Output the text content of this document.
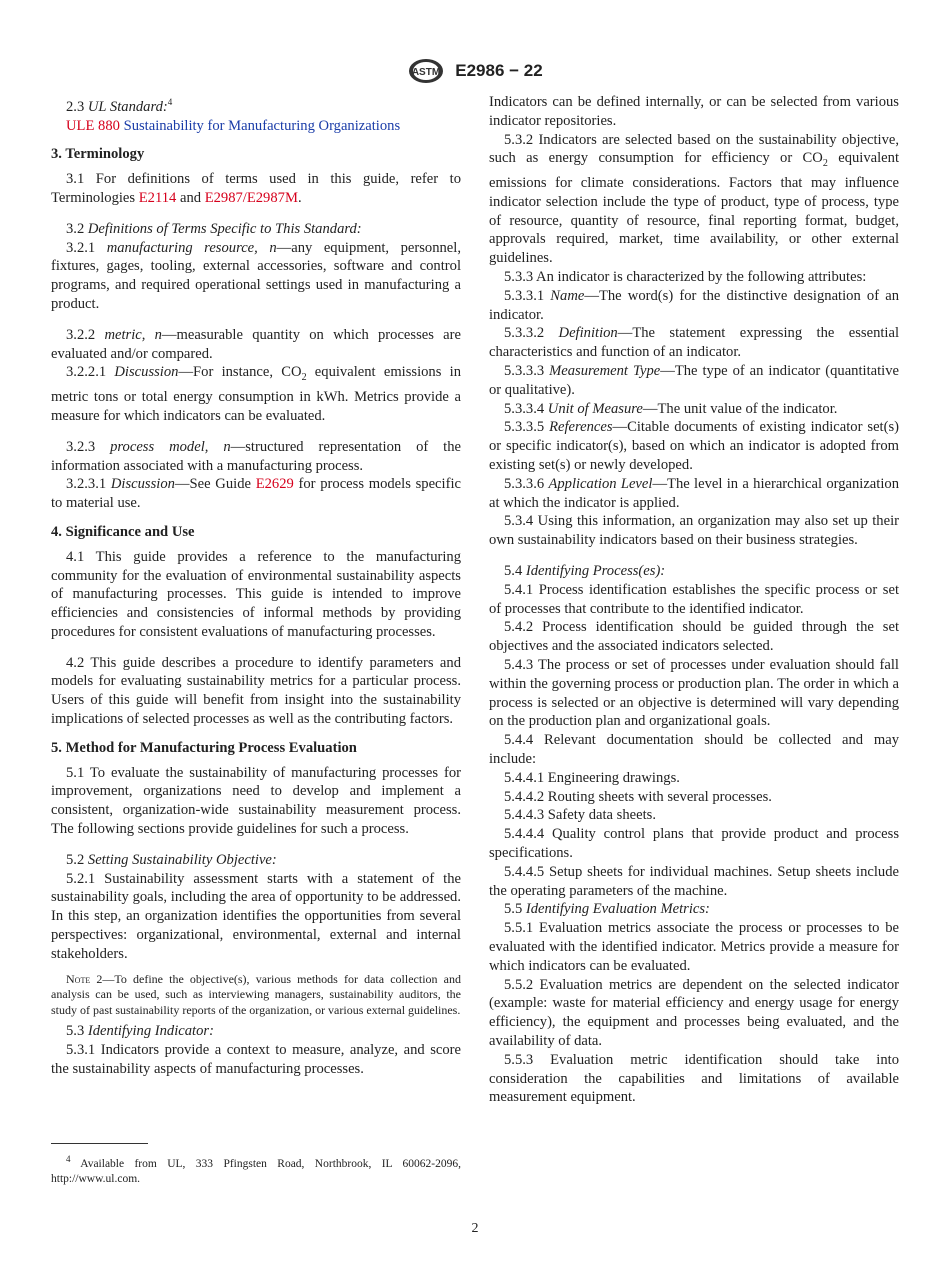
ASTM E2986 − 22

2.3 UL Standard:$^4$

ULE 880 Sustainability for Manufacturing Organizations

3. Terminology

3.1 For definitions of terms used in this guide, refer to Terminologies E2114 and E2987/E2987M.

3.2 Definitions of Terms Specific to This Standard:

3.2.1 manufacturing resource, n—any equipment, personnel, fixtures, gages, tooling, external accessories, software and control programs, and required operational settings used in manufacturing a product.

3.2.2 metric, n—measurable quantity on which processes are evaluated and/or compared.

3.2.2.1 Discussion—For instance, $CO_2$ equivalent emissions in metric tons or total energy consumption in kWh. Metrics provide a measure for which indicators can be evaluated.

3.2.3 process model, n—structured representation of the information associated with a manufacturing process.

3.2.3.1 Discussion—See Guide E2629 for process models specific to material use.

4. Significance and Use

4.1 This guide provides a reference to the manufacturing community for the evaluation of environmental sustainability aspects of manufacturing processes. This guide is intended to improve efficiencies and consistencies of informal methods by providing procedures for consistent evaluations of manufacturing processes.

4.2 This guide describes a procedure to identify parameters and models for evaluating sustainability metrics for a particular process. Users of this guide will benefit from insight into the sustainability implications of selected processes as well as the contributing factors.

5. Method for Manufacturing Process Evaluation

5.1 To evaluate the sustainability of manufacturing processes for improvement, organizations need to develop and implement a consistent, organization-wide sustainability measurement process. The following sections provide guidelines for such a process.

5.2 Setting Sustainability Objective:

5.2.1 Sustainability assessment starts with a statement of the sustainability goals, including the area of opportunity to be addressed. In this step, an organization identifies the opportunities from several perspectives: organizational, environmental, external and internal stakeholders.

Note 2—To define the objective(s), various methods for data collection and analysis can be used, such as interviewing managers, sustainability auditors, the study of past sustainability reports of the organization, or various external guidelines.

5.3 Identifying Indicator:

5.3.1 Indicators provide a context to measure, analyze, and score the sustainability aspects of manufacturing processes.

Indicators can be defined internally, or can be selected from various indicator repositories.

5.3.2 Indicators are selected based on the sustainability objective, such as energy consumption for efficiency or $CO_2$ equivalent emissions for climate considerations. Factors that may influence indicator selection include the type of product, type of process, type of resource, quantity of resource, final reporting format, budget, approvals required, market, time availability, or other external guidelines.

5.3.3 An indicator is characterized by the following attributes:

5.3.3.1 Name—The word(s) for the distinctive designation of an indicator.

5.3.3.2 Definition—The statement expressing the essential characteristics and function of an indicator.

5.3.3.3 Measurement Type—The type of an indicator (quantitative or qualitative).

5.3.3.4 Unit of Measure—The unit value of the indicator.

5.3.3.5 References—Citable documents of existing indicator set(s) or specific indicator(s), based on which an indicator is adopted from existing set(s) or newly developed.

5.3.3.6 Application Level—The level in a hierarchical organization at which the indicator is applied.

5.3.4 Using this information, an organization may also set up their own sustainability indicators based on their business strategies.

5.4 Identifying Process(es):

5.4.1 Process identification establishes the specific process or set of processes that contribute to the identified indicator.

5.4.2 Process identification should be guided through the set objectives and the associated indicators selected.

5.4.3 The process or set of processes under evaluation should fall within the governing process or production plan. The order in which a process is selected or an objective is determined will vary depending on the production plan and organizational goals.

5.4.4 Relevant documentation should be collected and may include:

5.4.4.1 Engineering drawings.

5.4.4.2 Routing sheets with several processes.

5.4.4.3 Safety data sheets.

5.4.4.4 Quality control plans that provide product and process specifications.

5.4.4.5 Setup sheets for individual machines. Setup sheets include the operating parameters of the machine.

5.5 Identifying Evaluation Metrics:

5.5.1 Evaluation metrics associate the process or processes to be evaluated with the identified indicator. Metrics provide a measure for which indicators can be evaluated.

5.5.2 Evaluation metrics are dependent on the selected indicator (example: waste for material efficiency and energy usage for energy efficiency), the equipment and processes being evaluated, and the availability of data.

5.5.3 Evaluation metric identification should take into consideration the capabilities and limitations of available measurement equipment.

$^4$ Available from UL, 333 Pfingsten Road, Northbrook, IL 60062-2096, http://www.ul.com.

2
